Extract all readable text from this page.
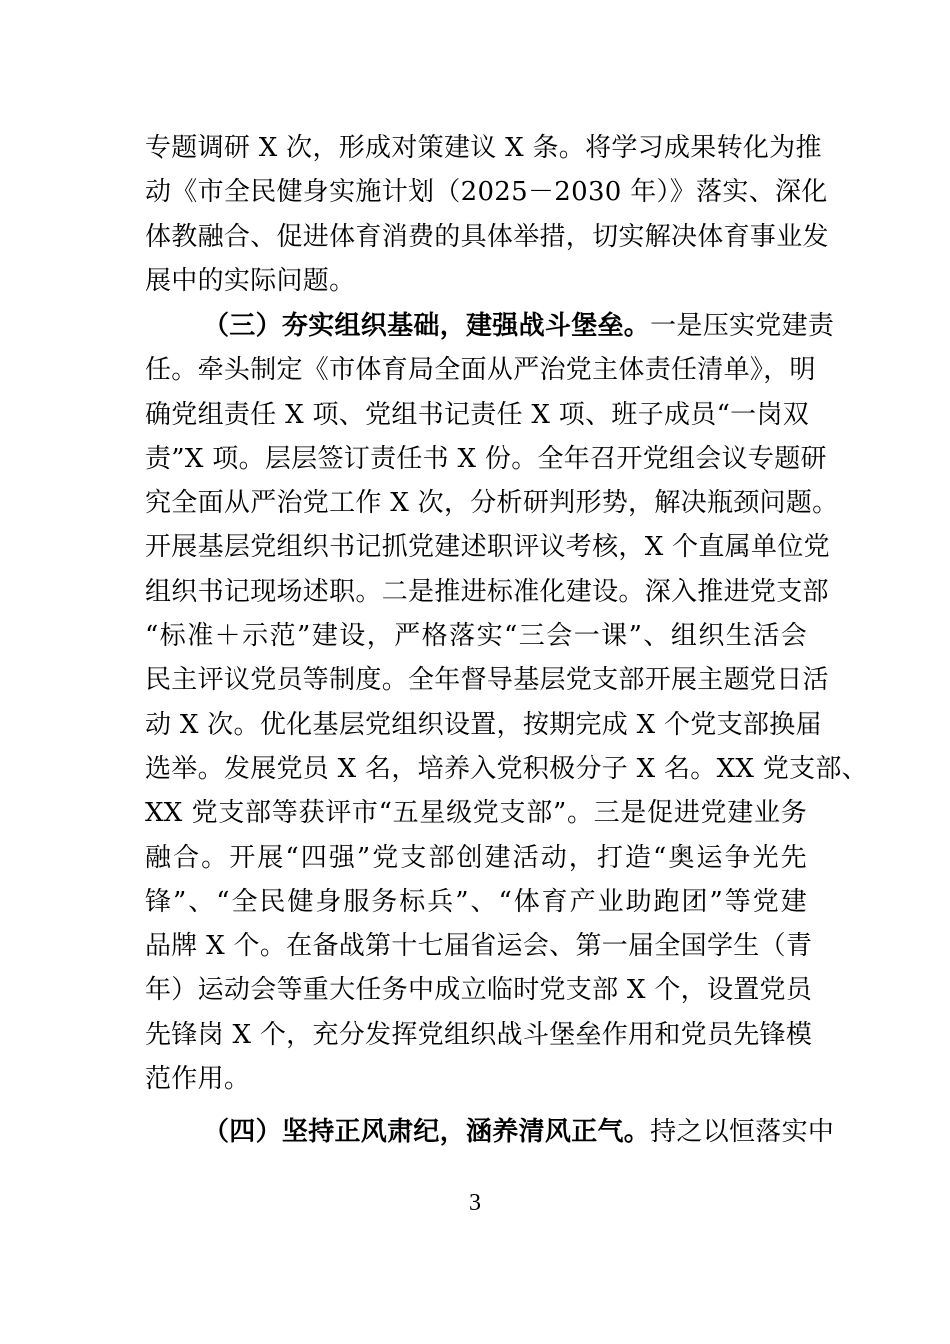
专题调研 X 次，形成对策建议 X 条。将学习成果转化为推
动《市全民健身实施计划（2025－2030 年）》落实、深化
体教融合、促进体育消费的具体举措，切实解决体育事业发
展中的实际问题。
（三）夯实组织基础，建强战斗堡垒。一是压实党建责
任。牵头制定《市体育局全面从严治党主体责任清单》，明
确党组责任 X 项、党组书记责任 X 项、班子成员“一岗双
责”X 项。层层签订责任书 X 份。全年召开党组会议专题研
究全面从严治党工作 X 次，分析研判形势，解决瓶颈问题。
开展基层党组织书记抓党建述职评议考核，X 个直属单位党
组织书记现场述职。二是推进标准化建设。深入推进党支部
“标准＋示范”建设，严格落实“三会一课”、组织生活会
民主评议党员等制度。全年督导基层党支部开展主题党日活
动 X 次。优化基层党组织设置，按期完成 X 个党支部换届
选举。发展党员 X 名，培养入党积极分子 X 名。XX 党支部、
XX 党支部等获评市“五星级党支部”。三是促进党建业务
融合。开展“四强”党支部创建活动，打造“奥运争光先
锋”、“全民健身服务标兵”、“体育产业助跑团”等党建
品牌 X 个。在备战第十七届省运会、第一届全国学生（青
年）运动会等重大任务中成立临时党支部 X 个，设置党员
先锋岗 X 个，充分发挥党组织战斗堡垒作用和党员先锋模
范作用。
（四）坚持正风肃纪，涵养清风正气。持之以恒落实中
3
